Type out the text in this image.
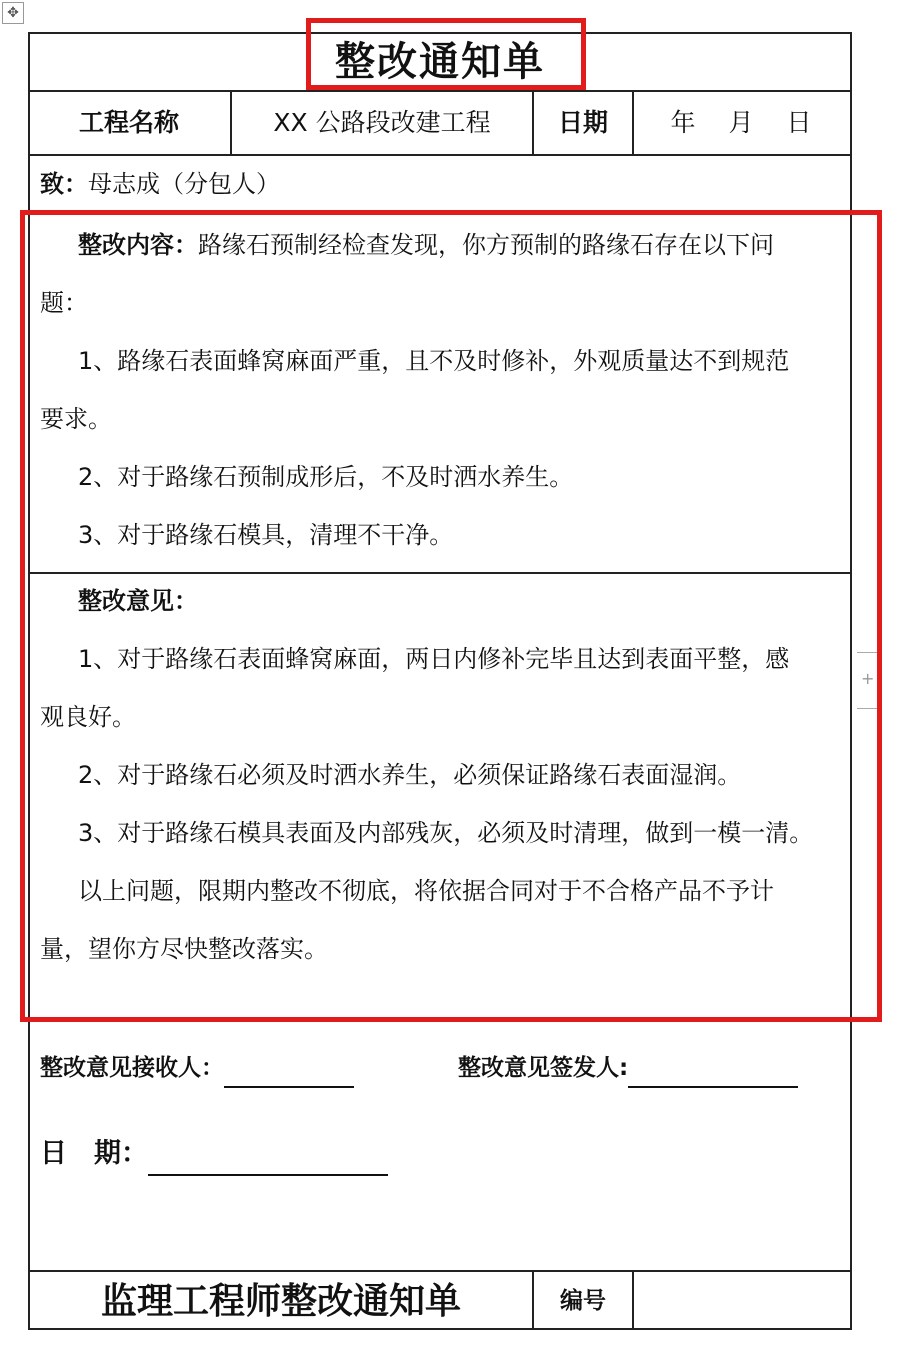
✥
+
整改通知单
工程名称	XX 公路段改建工程	日期	年　月　日
致：母志成（分包人）
整改内容：路缘石预制经检查发现，你方预制的路缘石存在以下问
题：
1、路缘石表面蜂窝麻面严重，且不及时修补，外观质量达不到规范
要求。
2、对于路缘石预制成形后，不及时洒水养生。
3、对于路缘石模具，清理不干净。
整改意见：
1、对于路缘石表面蜂窝麻面，两日内修补完毕且达到表面平整，感
观良好。
2、对于路缘石必须及时洒水养生，必须保证路缘石表面湿润。
3、对于路缘石模具表面及内部残灰，必须及时清理，做到一模一清。
以上问题，限期内整改不彻底，将依据合同对于不合格产品不予计
量，望你方尽快整改落实。
整改意见接收人：	整改意见签发人:
日　期：
监理工程师整改通知单	编号
